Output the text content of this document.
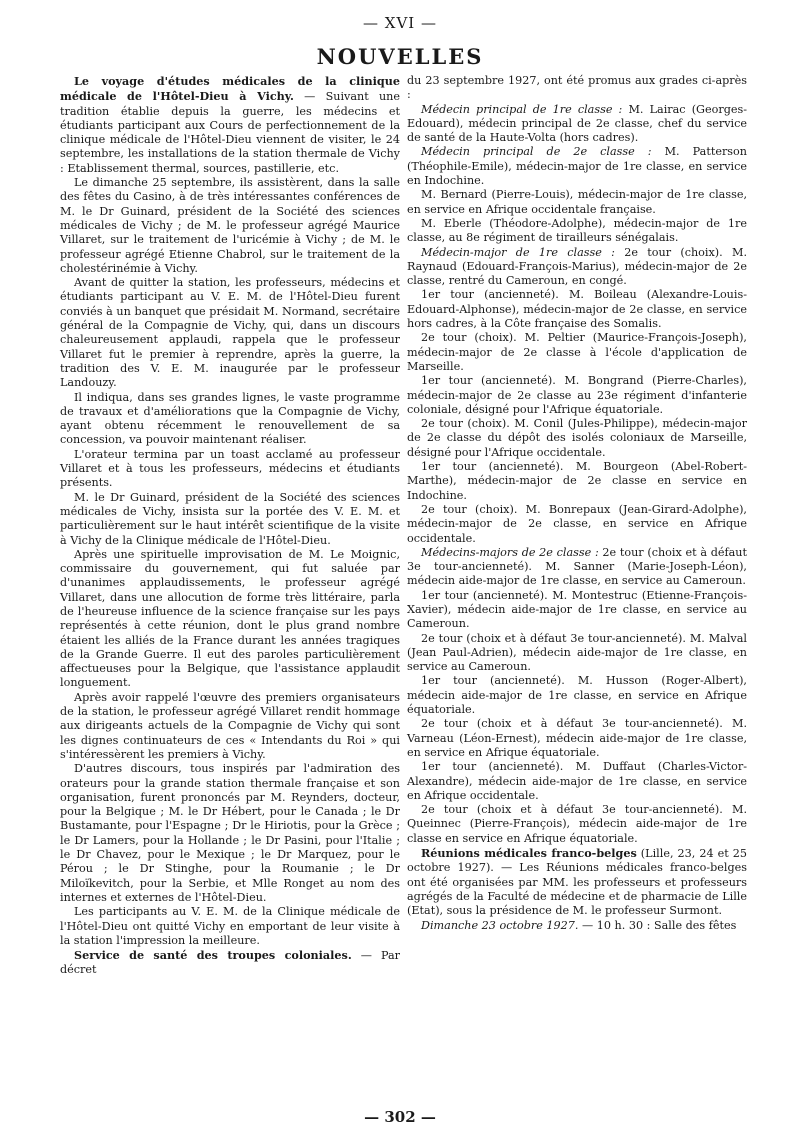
— XVI —
NOUVELLES

Le voyage d'études médicales de la clinique médicale de l'Hôtel-Dieu à Vichy. — Suivant une tradition établie depuis la guerre, les médecins et étudiants participant aux Cours de perfectionnement de la clinique médicale de l'Hôtel-Dieu viennent de visiter, le 24 septembre, les installations de la station thermale de Vichy : Etablissement thermal, sources, pastillerie, etc.

Le dimanche 25 septembre, ils assistèrent, dans la salle des fêtes du Casino, à de très intéressantes conférences de M. le Dr Guinard, président de la Société des sciences médicales de Vichy ; de M. le professeur agrégé Maurice Villaret, sur le traitement de l'uricémie à Vichy ; de M. le professeur agrégé Etienne Chabrol, sur le traitement de la cholestérinémie à Vichy.

Avant de quitter la station, les professeurs, médecins et étudiants participant au V. E. M. de l'Hôtel-Dieu furent conviés à un banquet que présidait M. Normand, secrétaire général de la Compagnie de Vichy, qui, dans un discours chaleureusement applaudi, rappela que le professeur Villaret fut le premier à reprendre, après la guerre, la tradition des V. E. M. inaugurée par le professeur Landouzy.

Il indiqua, dans ses grandes lignes, le vaste programme de travaux et d'améliorations que la Compagnie de Vichy, ayant obtenu récemment le renouvellement de sa concession, va pouvoir maintenant réaliser.

L'orateur termina par un toast acclamé au professeur Villaret et à tous les professeurs, médecins et étudiants présents.

M. le Dr Guinard, président de la Société des sciences médicales de Vichy, insista sur la portée des V. E. M. et particulièrement sur le haut intérêt scientifique de la visite à Vichy de la Clinique médicale de l'Hôtel-Dieu.

Après une spirituelle improvisation de M. Le Moignic, commissaire du gouvernement, qui fut saluée par d'unanimes applaudissements, le professeur agrégé Villaret, dans une allocution de forme très littéraire, parla de l'heureuse influence de la science française sur les pays représentés à cette réunion, dont le plus grand nombre étaient les alliés de la France durant les années tragiques de la Grande Guerre. Il eut des paroles particulièrement affectueuses pour la Belgique, que l'assistance applaudit longuement.

Après avoir rappelé l'œuvre des premiers organisateurs de la station, le professeur agrégé Villaret rendit hommage aux dirigeants actuels de la Compagnie de Vichy qui sont les dignes continuateurs de ces « Intendants du Roi » qui s'intéressèrent les premiers à Vichy.

D'autres discours, tous inspirés par l'admiration des orateurs pour la grande station thermale française et son organisation, furent prononcés par M. Reynders, docteur, pour la Belgique ; M. le Dr Hébert, pour le Canada ; le Dr Bustamante, pour l'Espagne ; Dr le Hiriotis, pour la Grèce ; le Dr Lamers, pour la Hollande ; le Dr Pasini, pour l'Italie ; le Dr Chavez, pour le Mexique ; le Dr Marquez, pour le Pérou ; le Dr Stinghe, pour la Roumanie ; le Dr Miloïkevitch, pour la Serbie, et Mlle Ronget au nom des internes et externes de l'Hôtel-Dieu.

Les participants au V. E. M. de la Clinique médicale de l'Hôtel-Dieu ont quitté Vichy en emportant de leur visite à la station l'impression la meilleure.

Service de santé des troupes coloniales. — Par décret

du 23 septembre 1927, ont été promus aux grades ci-après :

Médecin principal de 1re classe : M. Lairac (Georges-Edouard), médecin principal de 2e classe, chef du service de santé de la Haute-Volta (hors cadres).

Médecin principal de 2e classe : M. Patterson (Théophile-Emile), médecin-major de 1re classe, en service en Indochine.

M. Bernard (Pierre-Louis), médecin-major de 1re classe, en service en Afrique occidentale française.

M. Eberle (Théodore-Adolphe), médecin-major de 1re classe, au 8e régiment de tirailleurs sénégalais.

Médecin-major de 1re classe : 2e tour (choix). M. Raynaud (Edouard-François-Marius), médecin-major de 2e classe, rentré du Cameroun, en congé.

1er tour (ancienneté). M. Boileau (Alexandre-Louis-Edouard-Alphonse), médecin-major de 2e classe, en service hors cadres, à la Côte française des Somalis.

2e tour (choix). M. Peltier (Maurice-François-Joseph), médecin-major de 2e classe à l'école d'application de Marseille.

1er tour (ancienneté). M. Bongrand (Pierre-Charles), médecin-major de 2e classe au 23e régiment d'infanterie coloniale, désigné pour l'Afrique équatoriale.

2e tour (choix). M. Conil (Jules-Philippe), médecin-major de 2e classe du dépôt des isolés coloniaux de Marseille, désigné pour l'Afrique occidentale.

1er tour (ancienneté). M. Bourgeon (Abel-Robert-Marthe), médecin-major de 2e classe en service en Indochine.

2e tour (choix). M. Bonrepaux (Jean-Girard-Adolphe), médecin-major de 2e classe, en service en Afrique occidentale.

Médecins-majors de 2e classe : 2e tour (choix et à défaut 3e tour-ancienneté). M. Sanner (Marie-Joseph-Léon), médecin aide-major de 1re classe, en service au Cameroun.

1er tour (ancienneté). M. Montestruc (Etienne-François-Xavier), médecin aide-major de 1re classe, en service au Cameroun.

2e tour (choix et à défaut 3e tour-ancienneté). M. Malval (Jean Paul-Adrien), médecin aide-major de 1re classe, en service au Cameroun.

1er tour (ancienneté). M. Husson (Roger-Albert), médecin aide-major de 1re classe, en service en Afrique équatoriale.

2e tour (choix et à défaut 3e tour-ancienneté). M. Varneau (Léon-Ernest), médecin aide-major de 1re classe, en service en Afrique équatoriale.

1er tour (ancienneté). M. Duffaut (Charles-Victor-Alexandre), médecin aide-major de 1re classe, en service en Afrique occidentale.

2e tour (choix et à défaut 3e tour-ancienneté). M. Queinnec (Pierre-François), médecin aide-major de 1re classe en service en Afrique équatoriale.

Réunions médicales franco-belges (Lille, 23, 24 et 25 octobre 1927). — Les Réunions médicales franco-belges ont été organisées par MM. les professeurs et professeurs agrégés de la Faculté de médecine et de pharmacie de Lille (Etat), sous la présidence de M. le professeur Surmont.

Dimanche 23 octobre 1927. — 10 h. 30 : Salle des fêtes

— 302 —
